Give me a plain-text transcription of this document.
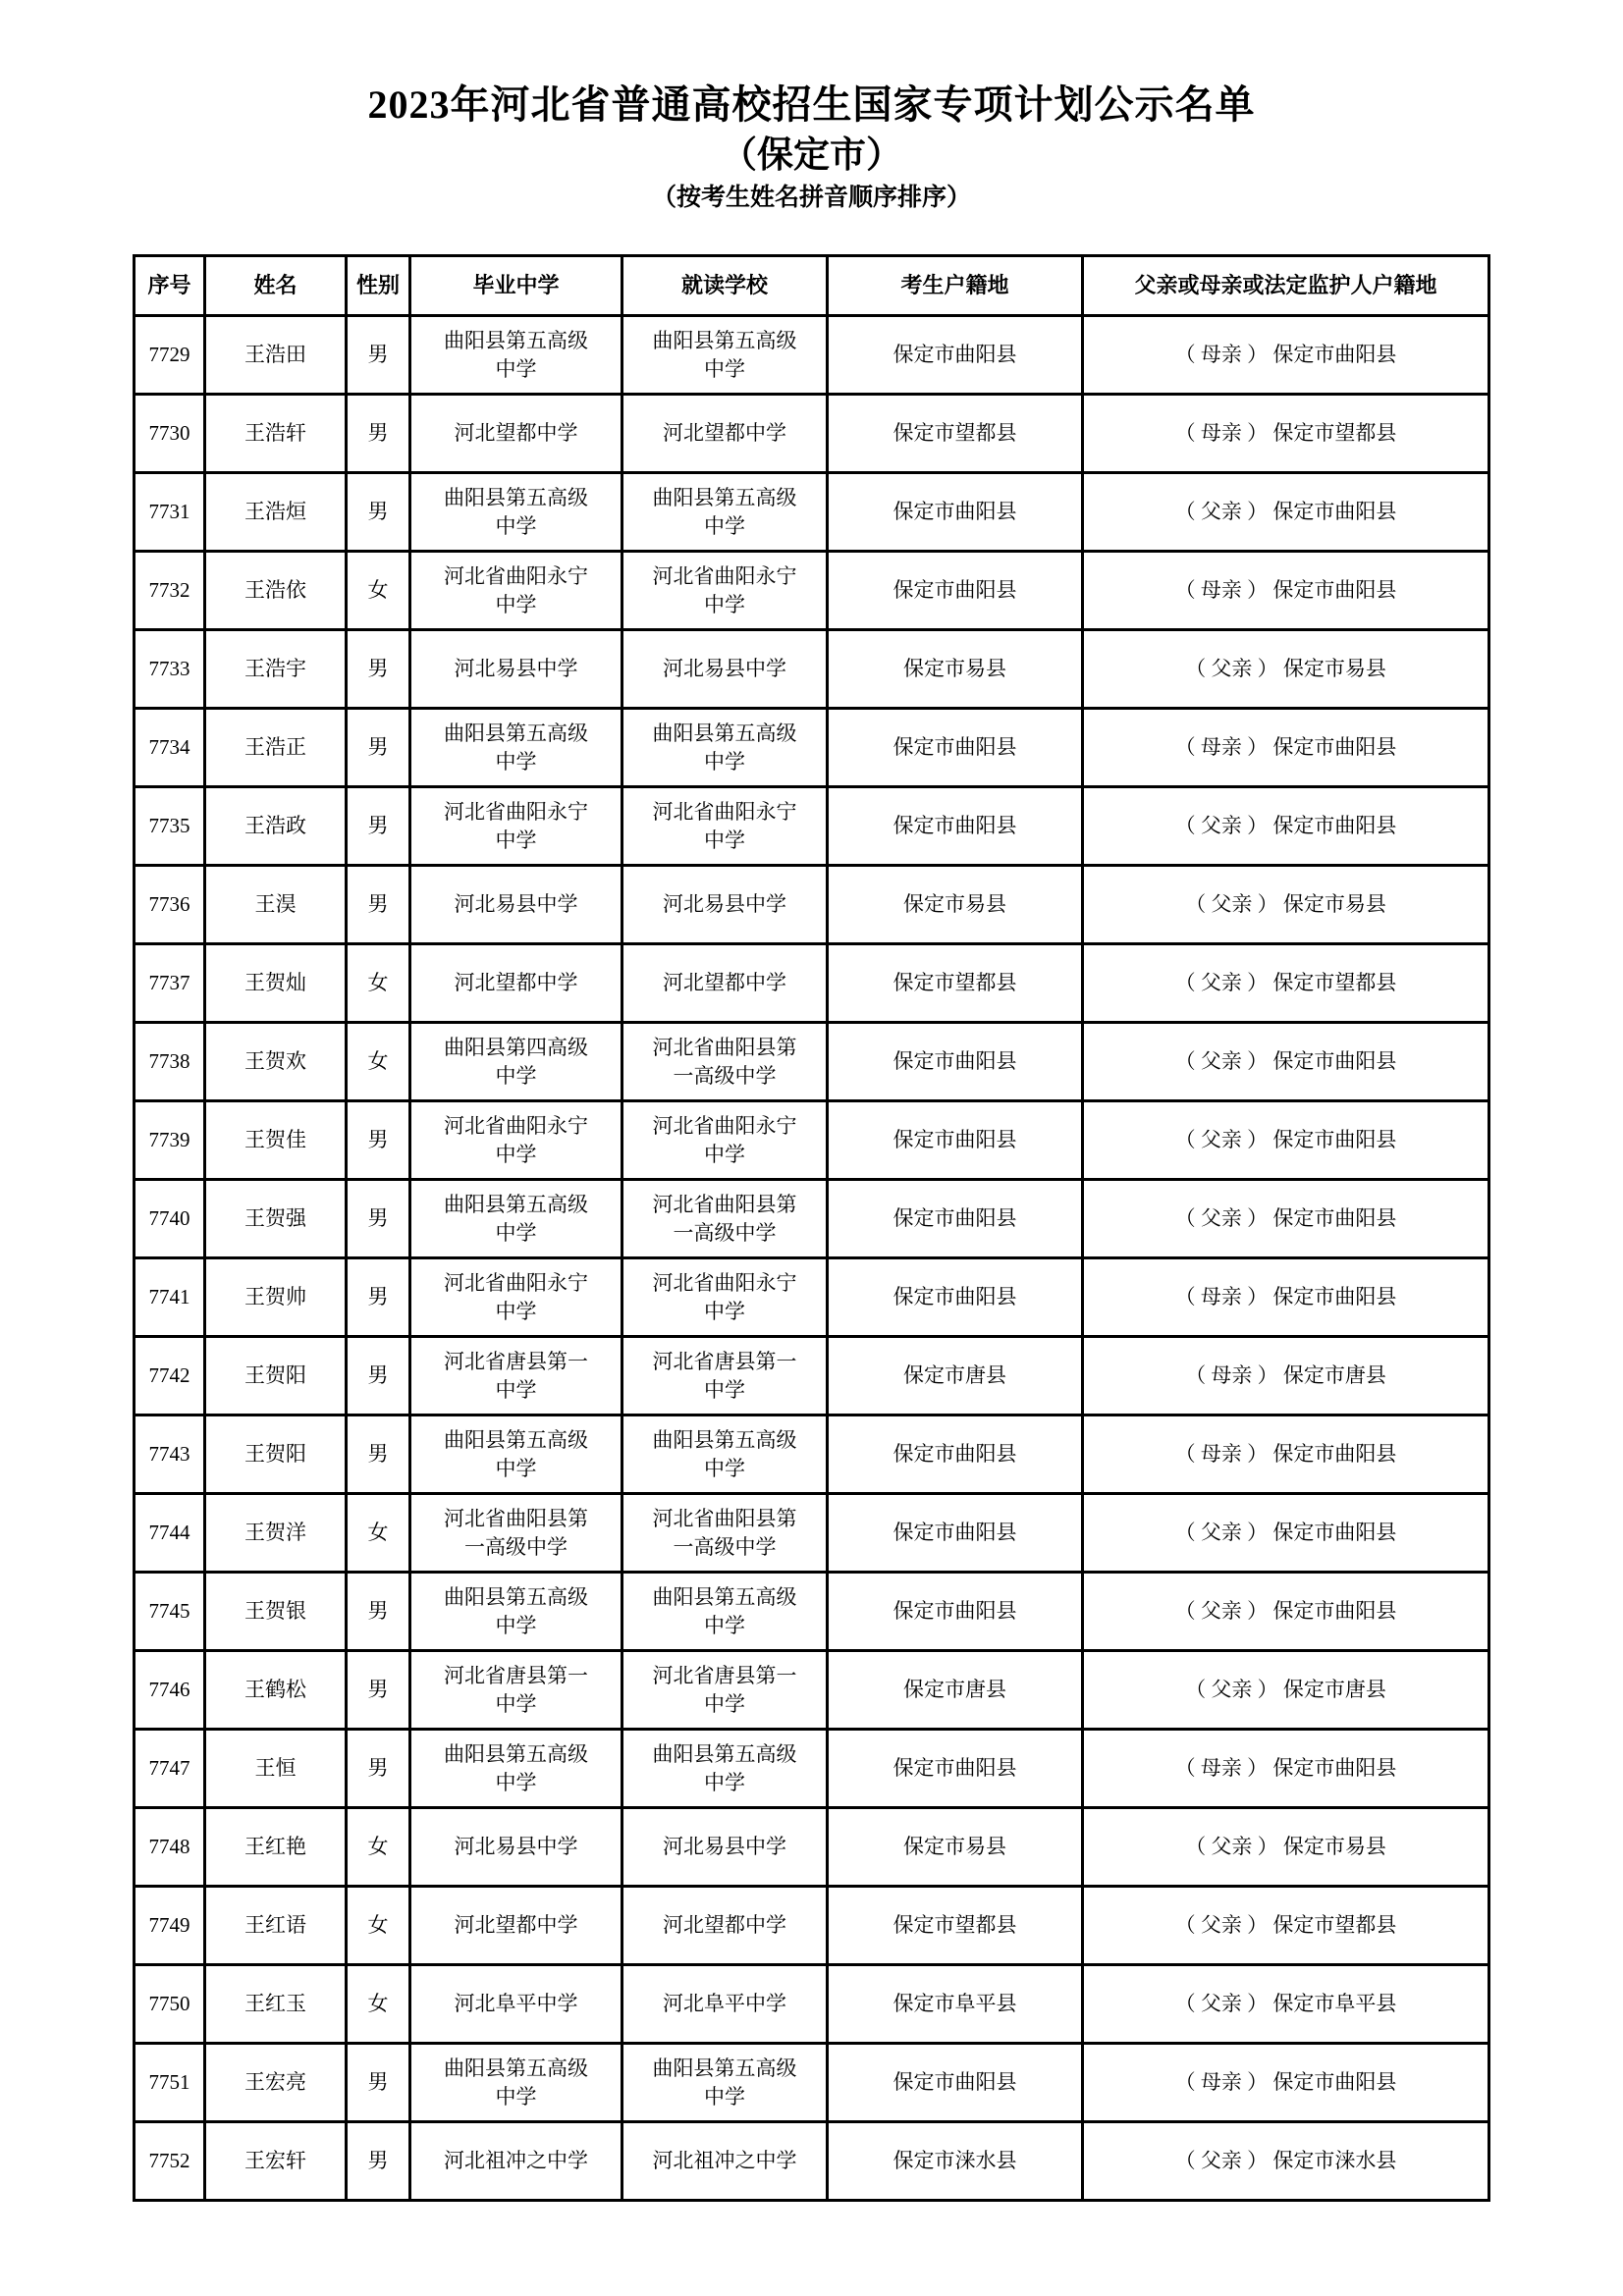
2023年河北省普通高校招生国家专项计划公示名单
（保定市）
（按考生姓名拼音顺序排序）
序号	姓名	性别	毕业中学	就读学校	考生户籍地	父亲或母亲或法定监护人户籍地
7729	王浩田	男	曲阳县第五高级中学	曲阳县第五高级中学	保定市曲阳县	（ 母亲 ） 保定市曲阳县
7730	王浩轩	男	河北望都中学	河北望都中学	保定市望都县	（ 母亲 ） 保定市望都县
7731	王浩烜	男	曲阳县第五高级中学	曲阳县第五高级中学	保定市曲阳县	（ 父亲 ） 保定市曲阳县
7732	王浩依	女	河北省曲阳永宁中学	河北省曲阳永宁中学	保定市曲阳县	（ 母亲 ） 保定市曲阳县
7733	王浩宇	男	河北易县中学	河北易县中学	保定市易县	（ 父亲 ） 保定市易县
7734	王浩正	男	曲阳县第五高级中学	曲阳县第五高级中学	保定市曲阳县	（ 母亲 ） 保定市曲阳县
7735	王浩政	男	河北省曲阳永宁中学	河北省曲阳永宁中学	保定市曲阳县	（ 父亲 ） 保定市曲阳县
7736	王淏	男	河北易县中学	河北易县中学	保定市易县	（ 父亲 ） 保定市易县
7737	王贺灿	女	河北望都中学	河北望都中学	保定市望都县	（ 父亲 ） 保定市望都县
7738	王贺欢	女	曲阳县第四高级中学	河北省曲阳县第一高级中学	保定市曲阳县	（ 父亲 ） 保定市曲阳县
7739	王贺佳	男	河北省曲阳永宁中学	河北省曲阳永宁中学	保定市曲阳县	（ 父亲 ） 保定市曲阳县
7740	王贺强	男	曲阳县第五高级中学	河北省曲阳县第一高级中学	保定市曲阳县	（ 父亲 ） 保定市曲阳县
7741	王贺帅	男	河北省曲阳永宁中学	河北省曲阳永宁中学	保定市曲阳县	（ 母亲 ） 保定市曲阳县
7742	王贺阳	男	河北省唐县第一中学	河北省唐县第一中学	保定市唐县	（ 母亲 ） 保定市唐县
7743	王贺阳	男	曲阳县第五高级中学	曲阳县第五高级中学	保定市曲阳县	（ 母亲 ） 保定市曲阳县
7744	王贺洋	女	河北省曲阳县第一高级中学	河北省曲阳县第一高级中学	保定市曲阳县	（ 父亲 ） 保定市曲阳县
7745	王贺银	男	曲阳县第五高级中学	曲阳县第五高级中学	保定市曲阳县	（ 父亲 ） 保定市曲阳县
7746	王鹤松	男	河北省唐县第一中学	河北省唐县第一中学	保定市唐县	（ 父亲 ） 保定市唐县
7747	王恒	男	曲阳县第五高级中学	曲阳县第五高级中学	保定市曲阳县	（ 母亲 ） 保定市曲阳县
7748	王红艳	女	河北易县中学	河北易县中学	保定市易县	（ 父亲 ） 保定市易县
7749	王红语	女	河北望都中学	河北望都中学	保定市望都县	（ 父亲 ） 保定市望都县
7750	王红玉	女	河北阜平中学	河北阜平中学	保定市阜平县	（ 父亲 ） 保定市阜平县
7751	王宏亮	男	曲阳县第五高级中学	曲阳县第五高级中学	保定市曲阳县	（ 母亲 ） 保定市曲阳县
7752	王宏轩	男	河北祖冲之中学	河北祖冲之中学	保定市涞水县	（ 父亲 ） 保定市涞水县
